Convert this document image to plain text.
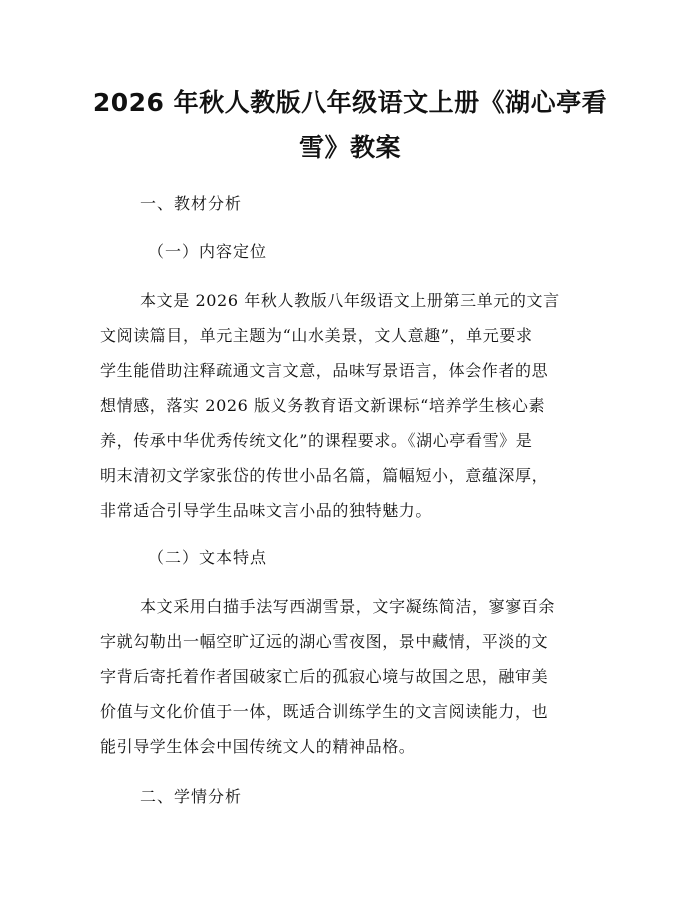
2026 年秋人教版八年级语文上册《湖心亭看
雪》教案
一、教材分析
（一）内容定位
本文是 2026 年秋人教版八年级语文上册第三单元的文言
文阅读篇目，单元主题为“山水美景，文人意趣”，单元要求
学生能借助注释疏通文言文意，品味写景语言，体会作者的思
想情感，落实 2026 版义务教育语文新课标“培养学生核心素
养，传承中华优秀传统文化”的课程要求。《湖心亭看雪》是
明末清初文学家张岱的传世小品名篇，篇幅短小，意蕴深厚，
非常适合引导学生品味文言小品的独特魅力。
（二）文本特点
本文采用白描手法写西湖雪景，文字凝练简洁，寥寥百余
字就勾勒出一幅空旷辽远的湖心雪夜图，景中藏情，平淡的文
字背后寄托着作者国破家亡后的孤寂心境与故国之思，融审美
价值与文化价值于一体，既适合训练学生的文言阅读能力，也
能引导学生体会中国传统文人的精神品格。
二、学情分析
